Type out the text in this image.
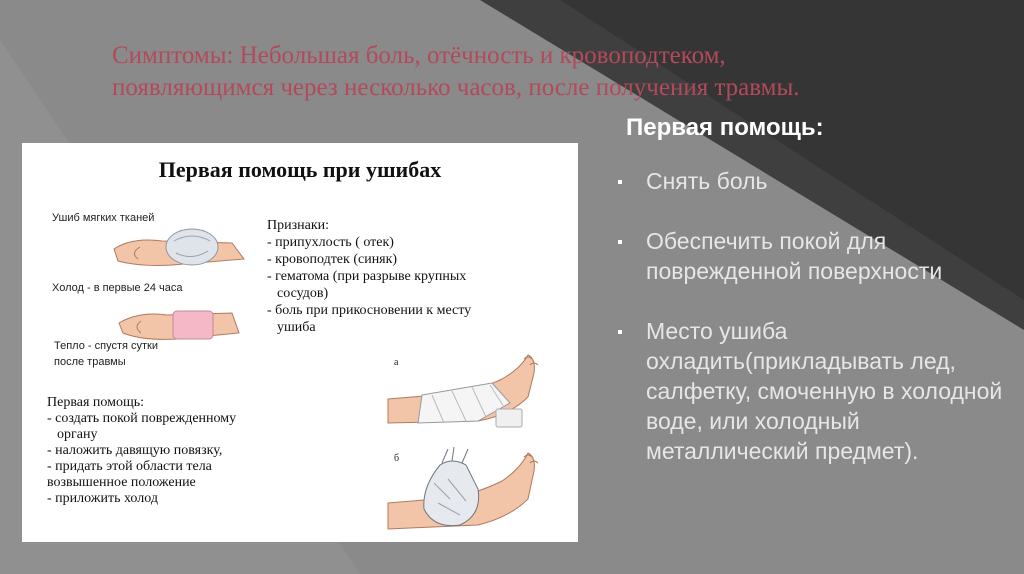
Симптомы: Небольшая боль, отёчность и кровоподтеком, появляющимся через несколько часов, после получения травмы.

Первая помощь:
Снять боль
Обеспечить покой для поврежденной поверхности
Место ушиба охладить(прикладывать лед, салфетку, смоченную в холодной воде, или холодный металлический предмет).
Первая помощь при ушибах
Ушиб мягких тканей
Холод - в первые 24 часа
Тепло - спустя сутки
после травмы
Признаки:
- припухлость ( отек)
- кровоподтек (синяк)
- гематома (при разрыве крупных
сосудов)
- боль при прикосновении к месту
ушиба
а
б
Первая помощь:
- создать покой поврежденному
органу
- наложить давящую повязку,
- придать этой области тела
возвышенное положение
- приложить холод
